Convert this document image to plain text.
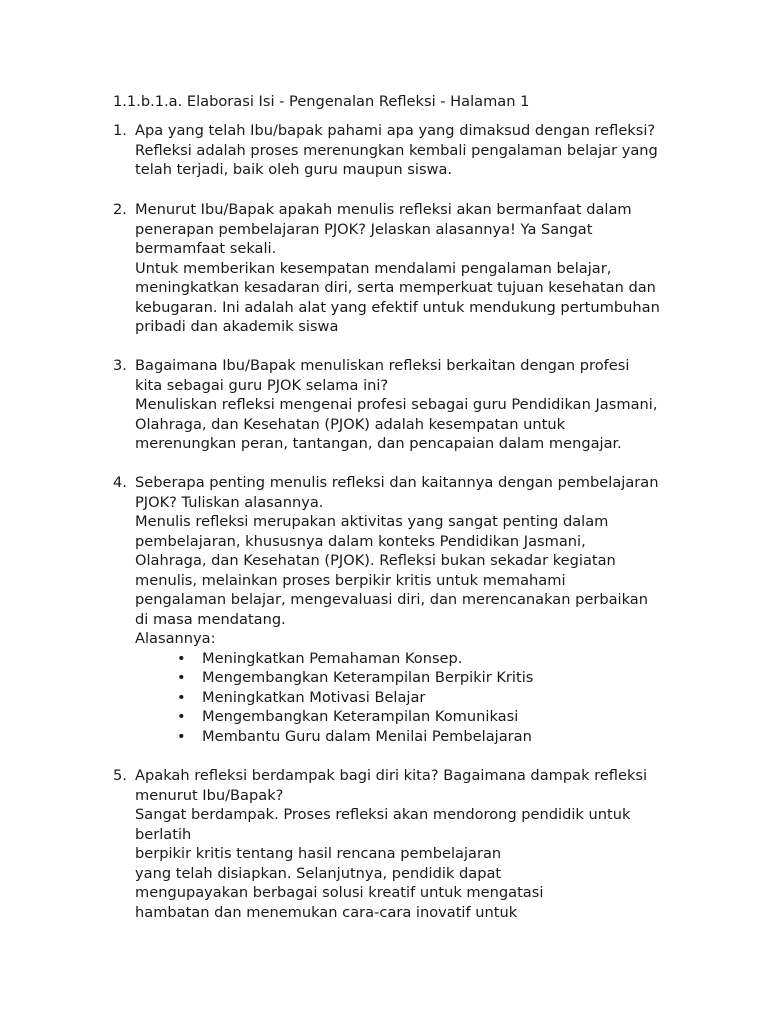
1.1.b.1.a. Elaborasi Isi - Pengenalan Refleksi - Halaman 1
1. Apa yang telah Ibu/bapak pahami apa yang dimaksud dengan refleksi?
Refleksi adalah proses merenungkan kembali pengalaman belajar yang
telah terjadi, baik oleh guru maupun siswa.
2. Menurut Ibu/Bapak apakah menulis refleksi akan bermanfaat dalam
penerapan pembelajaran PJOK? Jelaskan alasannya! Ya Sangat
bermamfaat sekali.
Untuk memberikan kesempatan mendalami pengalaman belajar,
meningkatkan kesadaran diri, serta memperkuat tujuan kesehatan dan
kebugaran. Ini adalah alat yang efektif untuk mendukung pertumbuhan
pribadi dan akademik siswa
3. Bagaimana Ibu/Bapak menuliskan refleksi berkaitan dengan profesi
kita sebagai guru PJOK selama ini?
Menuliskan refleksi mengenai profesi sebagai guru Pendidikan Jasmani,
Olahraga, dan Kesehatan (PJOK) adalah kesempatan untuk
merenungkan peran, tantangan, dan pencapaian dalam mengajar.
4. Seberapa penting menulis refleksi dan kaitannya dengan pembelajaran
PJOK? Tuliskan alasannya.
Menulis refleksi merupakan aktivitas yang sangat penting dalam
pembelajaran, khususnya dalam konteks Pendidikan Jasmani,
Olahraga, dan Kesehatan (PJOK). Refleksi bukan sekadar kegiatan
menulis, melainkan proses berpikir kritis untuk memahami
pengalaman belajar, mengevaluasi diri, dan merencanakan perbaikan
di masa mendatang.
Alasannya:
• Meningkatkan Pemahaman Konsep.
• Mengembangkan Keterampilan Berpikir Kritis
• Meningkatkan Motivasi Belajar
• Mengembangkan Keterampilan Komunikasi
• Membantu Guru dalam Menilai Pembelajaran
5. Apakah refleksi berdampak bagi diri kita? Bagaimana dampak refleksi
menurut Ibu/Bapak?
Sangat berdampak. Proses refleksi akan mendorong pendidik untuk
berlatih
berpikir kritis tentang hasil rencana pembelajaran
yang telah disiapkan. Selanjutnya, pendidik dapat
mengupayakan berbagai solusi kreatif untuk mengatasi
hambatan dan menemukan cara-cara inovatif untuk
